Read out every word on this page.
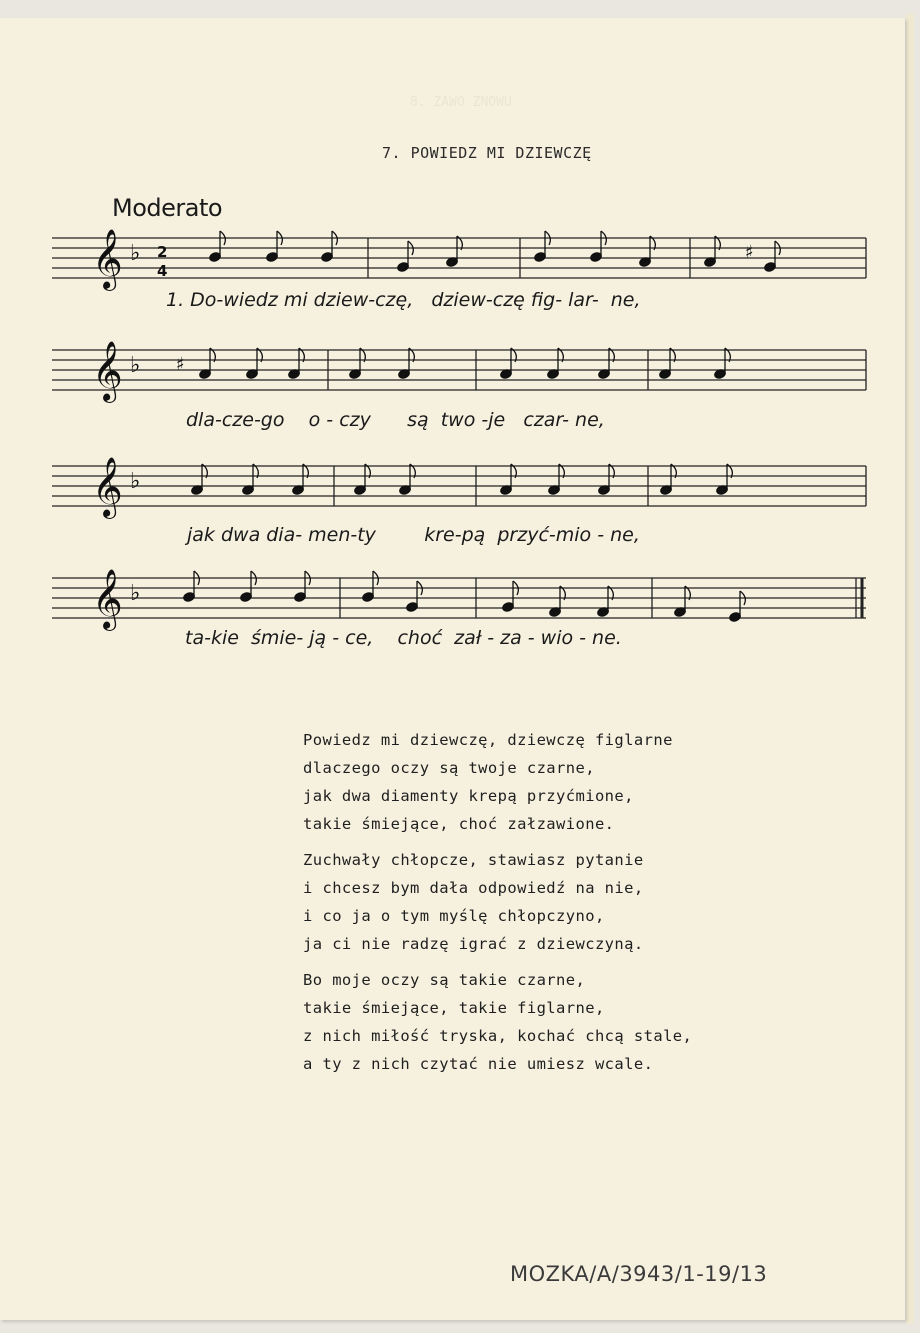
8. ZAWO ZNOWU
7. POWIEDZ MI DZIEWCZĘ
Moderato
𝄞 ♭ 2
4
𝄞 ♭
𝄞 ♭
𝄞 ♭
♯
♯
1. Do-wiedz mi dziew-czę,   dziew-czę fig- lar-  ne,
dla-cze-go    o - czy      są  two -je   czar- ne,
jak dwa dia- men-ty        kre-pą  przyć-mio - ne,
ta-kie  śmie- ją - ce,    choć  zał - za - wio - ne.
Powiedz mi dziewczę, dziewczę figlarne
dlaczego oczy są twoje czarne,
jak dwa diamenty krepą przyćmione,
takie śmiejące, choć załzawione.
Zuchwały chłopcze, stawiasz pytanie
i chcesz bym dała odpowiedź na nie,
i co ja o tym myślę chłopczyno,
ja ci nie radzę igrać z dziewczyną.
Bo moje oczy są takie czarne,
takie śmiejące, takie figlarne,
z nich miłość tryska, kochać chcą stale,
a ty z nich czytać nie umiesz wcale.
MOZKA/A/3943/1-19/13
